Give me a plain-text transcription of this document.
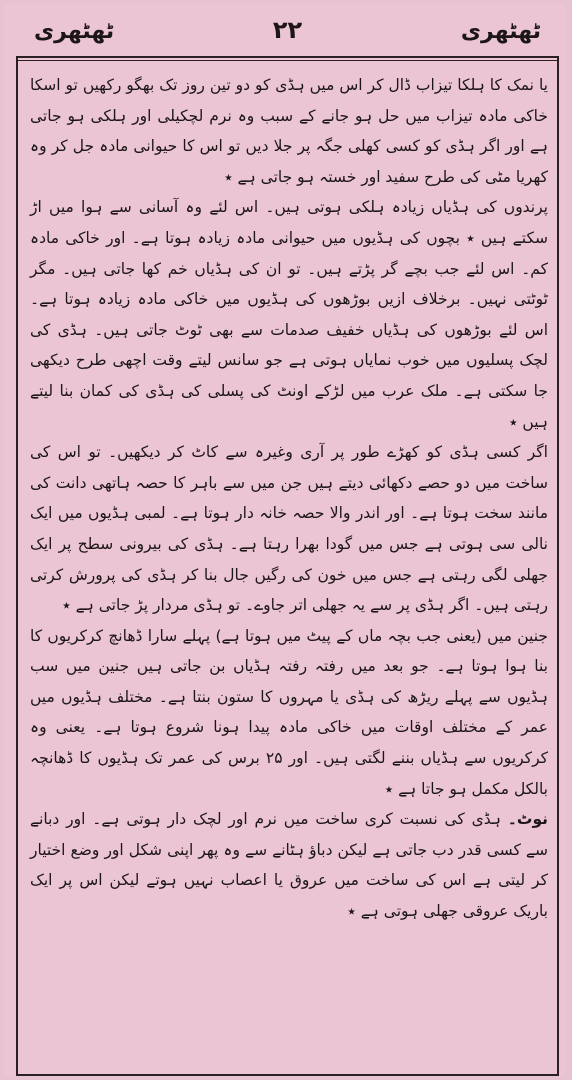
ٹھٹھری	۲۲	ٹھٹھری

یا نمک کا ہلکا تیزاب ڈال کر اس میں ہڈی کو دو تین روز تک بھگو رکھیں تو اسکا خاکی مادہ تیزاب میں حل ہو جانے کے سبب وہ نرم لچکیلی اور ہلکی ہو جاتی ہے اور اگر ہڈی کو کسی کھلی جگہ پر جلا دیں تو اس کا حیوانی مادہ جل کر وہ کھریا مٹی کی طرح سفید اور خستہ ہو جاتی ہے ٭

پرندوں کی ہڈیاں زیادہ ہلکی ہوتی ہیں۔ اس لئے وہ آسانی سے ہوا میں اڑ سکتے ہیں ٭ بچوں کی ہڈیوں میں حیوانی مادہ زیادہ ہوتا ہے۔ اور خاکی مادہ کم۔ اس لئے جب بچے گر پڑتے ہیں۔ تو ان کی ہڈیاں خم کھا جاتی ہیں۔ مگر ٹوٹتی نہیں۔ برخلاف ازیں بوڑھوں کی ہڈیوں میں خاکی مادہ زیادہ ہوتا ہے۔ اس لئے بوڑھوں کی ہڈیاں خفیف صدمات سے بھی ٹوٹ جاتی ہیں۔ ہڈی کی لچک پسلیوں میں خوب نمایاں ہوتی ہے جو سانس لیتے وقت اچھی طرح دیکھی جا سکتی ہے۔ ملک عرب میں لڑکے اونٹ کی پسلی کی ہڈی کی کمان بنا لیتے ہیں ٭

اگر کسی ہڈی کو کھڑے طور پر آری وغیرہ سے کاٹ کر دیکھیں۔ تو اس کی ساخت میں دو حصے دکھائی دیتے ہیں جن میں سے باہر کا حصہ ہاتھی دانت کی مانند سخت ہوتا ہے۔ اور اندر والا حصہ خانہ دار ہوتا ہے۔ لمبی ہڈیوں میں ایک نالی سی ہوتی ہے جس میں گودا بھرا رہتا ہے۔ ہڈی کی بیرونی سطح پر ایک جھلی لگی رہتی ہے جس میں خون کی رگیں جال بنا کر ہڈی کی پرورش کرتی رہتی ہیں۔ اگر ہڈی پر سے یہ جھلی اتر جاوے۔ تو ہڈی مردار پڑ جاتی ہے ٭

جنین میں (یعنی جب بچہ ماں کے پیٹ میں ہوتا ہے) پہلے سارا ڈھانچ کرکریوں کا بنا ہوا ہوتا ہے۔ جو بعد میں رفتہ رفتہ ہڈیاں بن جاتی ہیں جنین میں سب ہڈیوں سے پہلے ریڑھ کی ہڈی یا مہروں کا ستون بنتا ہے۔ مختلف ہڈیوں میں عمر کے مختلف اوقات میں خاکی مادہ پیدا ہونا شروع ہوتا ہے۔ یعنی وہ کرکریوں سے ہڈیاں بننے لگتی ہیں۔ اور ۲۵ برس کی عمر تک ہڈیوں کا ڈھانچہ بالکل مکمل ہو جاتا ہے ٭

نوٹ۔ ہڈی کی نسبت کری ساخت میں نرم اور لچک دار ہوتی ہے۔ اور دبانے سے کسی قدر دب جاتی ہے لیکن دباؤ ہٹانے سے وہ پھر اپنی شکل اور وضع اختیار کر لیتی ہے اس کی ساخت میں عروق یا اعصاب نہیں ہوتے لیکن اس پر ایک باریک عروقی جھلی ہوتی ہے ٭
